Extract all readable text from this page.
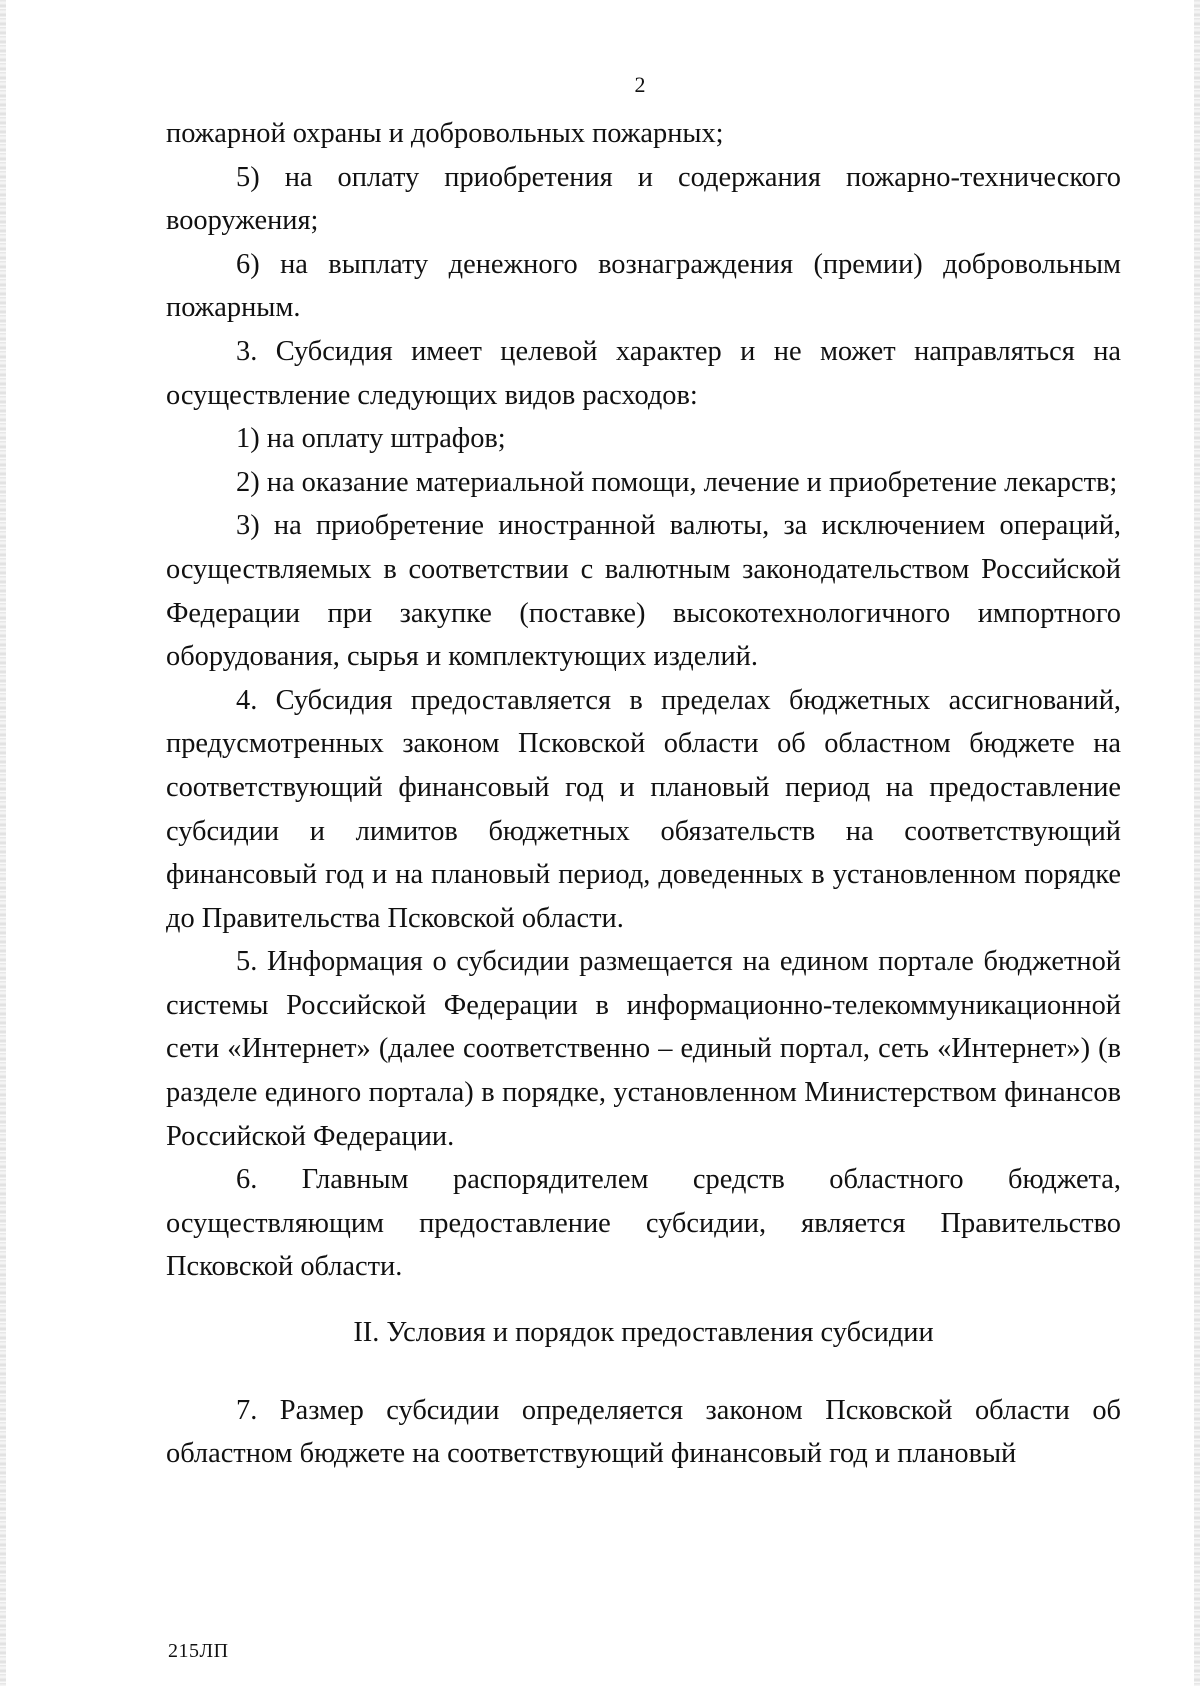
2

пожарной охраны и добровольных пожарных;

5) на оплату приобретения и содержания пожарно-технического вооружения;

6) на выплату денежного вознаграждения (премии) добровольным пожарным.

3. Субсидия имеет целевой характер и не может направляться на осуществление следующих видов расходов:

1) на оплату штрафов;

2) на оказание материальной помощи, лечение и приобретение лекарств;

3) на приобретение иностранной валюты, за исключением операций, осуществляемых в соответствии с валютным законодательством Российской Федерации при закупке (поставке) высокотехнологичного импортного оборудования, сырья и комплектующих изделий.

4. Субсидия предоставляется в пределах бюджетных ассигнований, предусмотренных законом Псковской области об областном бюджете на соответствующий финансовый год и плановый период на предоставление субсидии и лимитов бюджетных обязательств на соответствующий финансовый год и на плановый период, доведенных в установленном порядке до Правительства Псковской области.

5. Информация о субсидии размещается на едином портале бюджетной системы Российской Федерации в информационно-телекоммуникационной сети «Интернет» (далее соответственно – единый портал, сеть «Интернет») (в разделе единого портала) в порядке, установленном Министерством финансов Российской Федерации.

6. Главным распорядителем средств областного бюджета, осуществляющим предоставление субсидии, является Правительство Псковской области.

II. Условия и порядок предоставления субсидии

7. Размер субсидии определяется законом Псковской области об областном бюджете на соответствующий финансовый год и плановый

215ЛП
